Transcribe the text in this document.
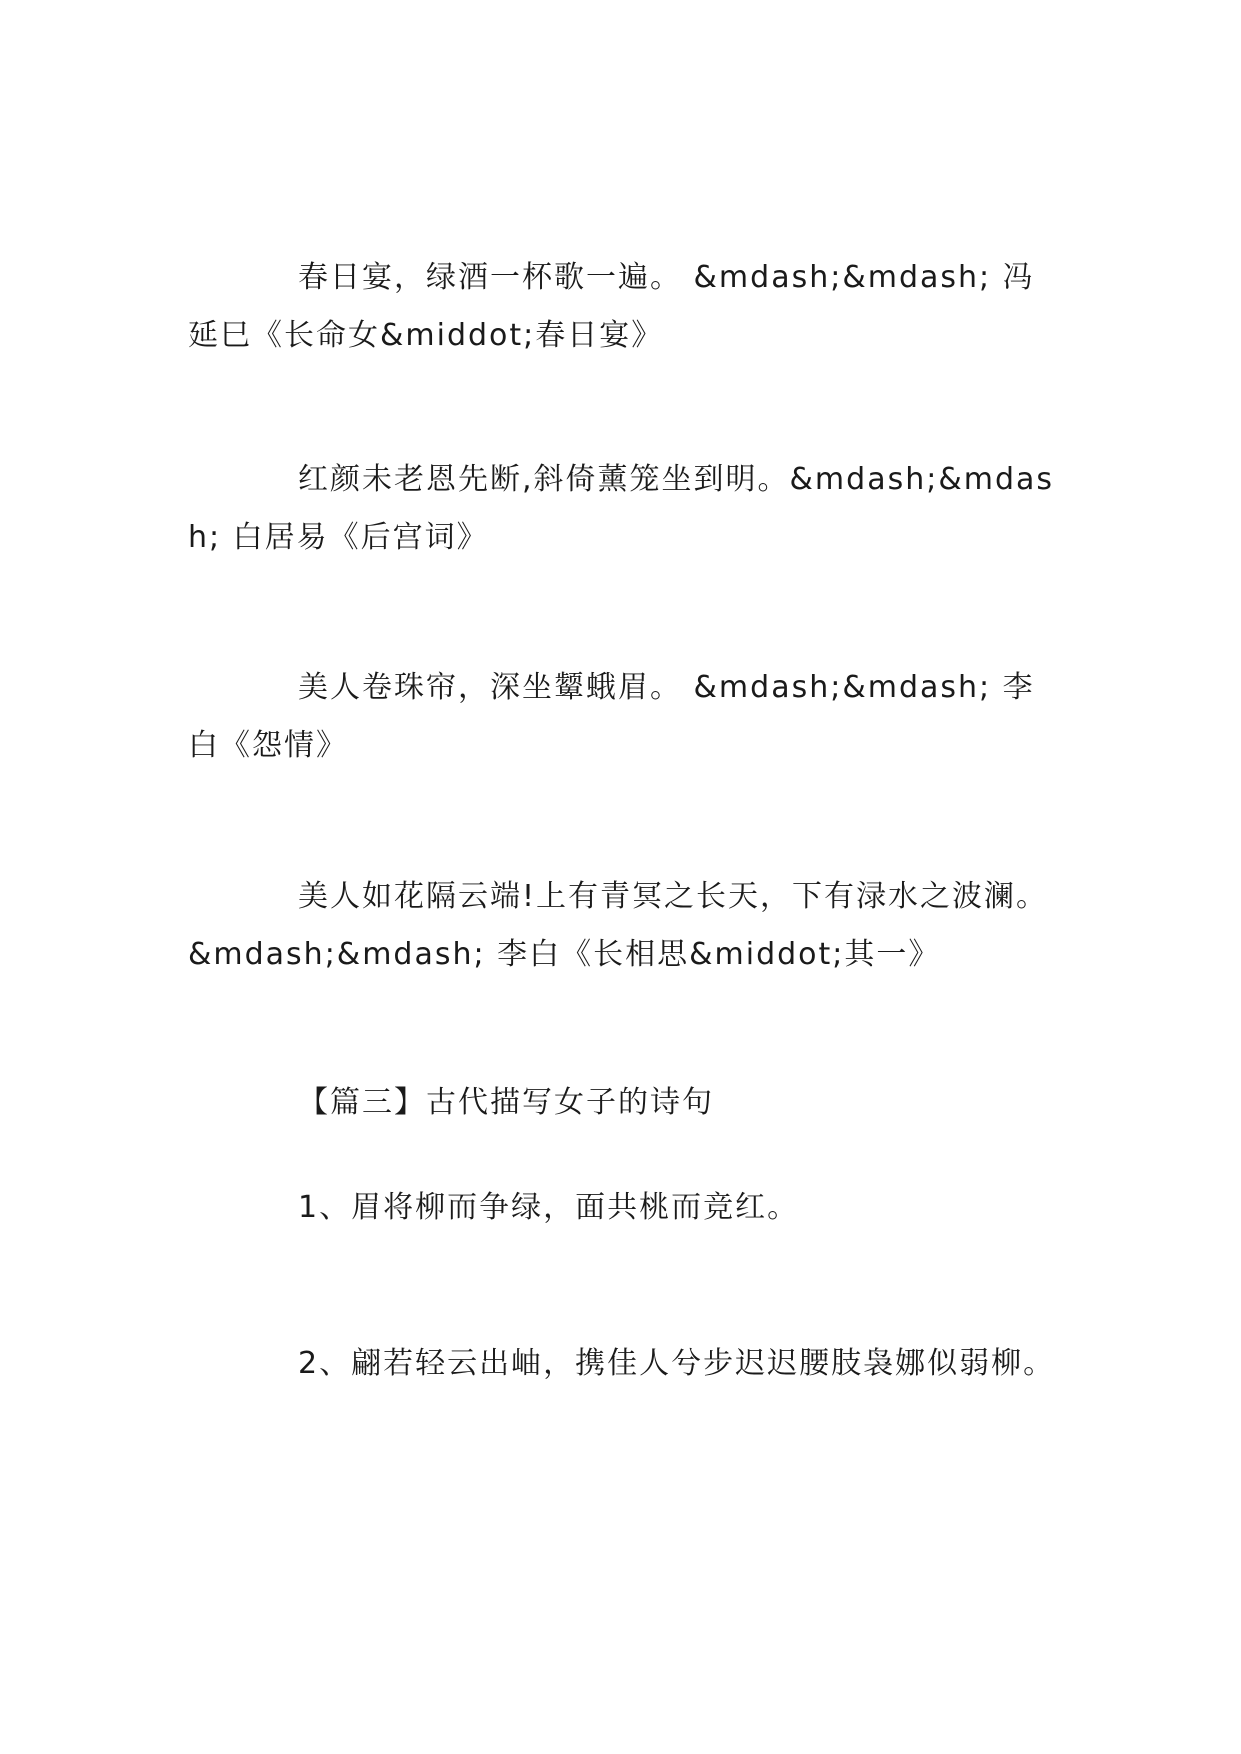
春日宴，绿酒一杯歌一遍。 &mdash;&mdash; 冯延巳《长命女&middot;春日宴》

红颜未老恩先断,斜倚薰笼坐到明。&mdash;&mdash; 白居易《后宫词》

美人卷珠帘，深坐颦蛾眉。 &mdash;&mdash; 李白《怨情》

美人如花隔云端!上有青冥之长天，下有渌水之波澜。&mdash;&mdash; 李白《长相思&middot;其一》

【篇三】古代描写女子的诗句

1、眉将柳而争绿，面共桃而竞红。

2、翩若轻云出岫，携佳人兮步迟迟腰肢袅娜似弱柳。
